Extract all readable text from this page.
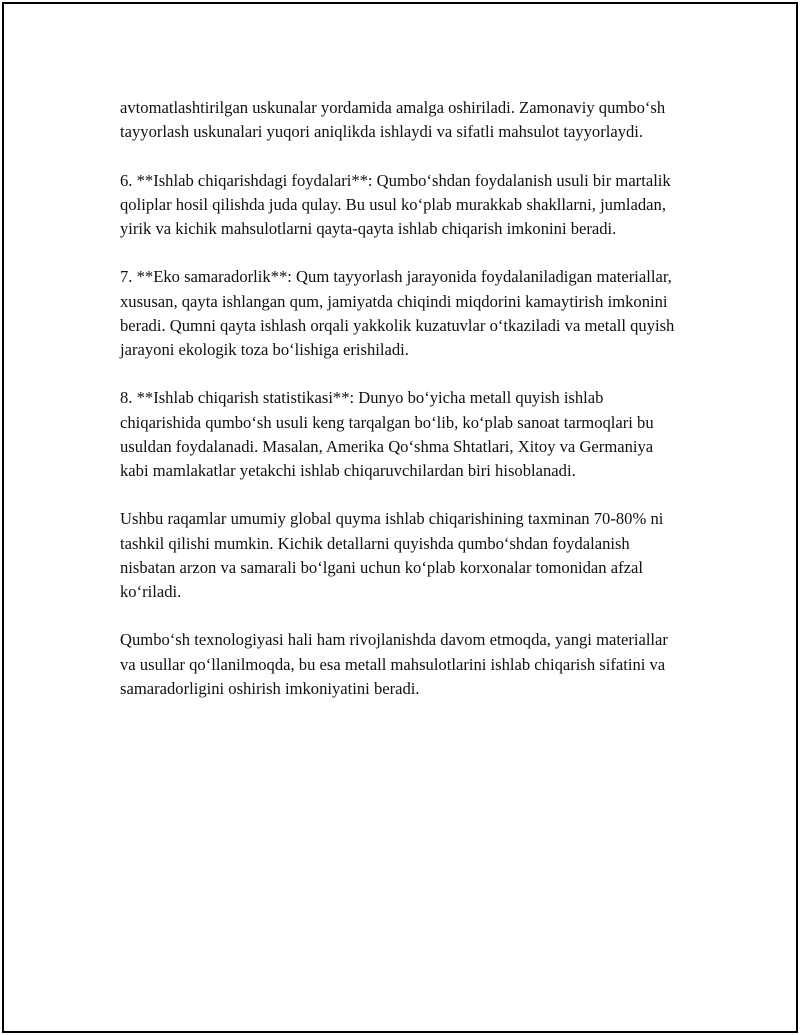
avtomatlashtirilgan uskunalar yordamida amalga oshiriladi. Zamonaviy qumbo‘sh tayyorlash uskunalari yuqori aniqlikda ishlaydi va sifatli mahsulot tayyorlaydi.

6. **Ishlab chiqarishdagi foydalari**: Qumbo‘shdan foydalanish usuli bir martalik qoliplar hosil qilishda juda qulay. Bu usul ko‘plab murakkab shakllarni, jumladan, yirik va kichik mahsulotlarni qayta-qayta ishlab chiqarish imkonini beradi.

7. **Eko samaradorlik**: Qum tayyorlash jarayonida foydalaniladigan materiallar, xususan, qayta ishlangan qum, jamiyatda chiqindi miqdorini kamaytirish imkonini beradi. Qumni qayta ishlash orqali yakkolik kuzatuvlar o‘tkaziladi va metall quyish jarayoni ekologik toza bo‘lishiga erishiladi.

8. **Ishlab chiqarish statistikasi**: Dunyo bo‘yicha metall quyish ishlab chiqarishida qumbo‘sh usuli keng tarqalgan bo‘lib, ko‘plab sanoat tarmoqlari bu usuldan foydalanadi. Masalan, Amerika Qo‘shma Shtatlari, Xitoy va Germaniya kabi mamlakatlar yetakchi ishlab chiqaruvchilardan biri hisoblanadi.

Ushbu raqamlar umumiy global quyma ishlab chiqarishining taxminan 70-80% ni tashkil qilishi mumkin. Kichik detallarni quyishda qumbo‘shdan foydalanish nisbatan arzon va samarali bo‘lgani uchun ko‘plab korxonalar tomonidan afzal ko‘riladi.

Qumbo‘sh texnologiyasi hali ham rivojlanishda davom etmoqda, yangi materiallar va usullar qo‘llanilmoqda, bu esa metall mahsulotlarini ishlab chiqarish sifatini va samaradorligini oshirish imkoniyatini beradi.
